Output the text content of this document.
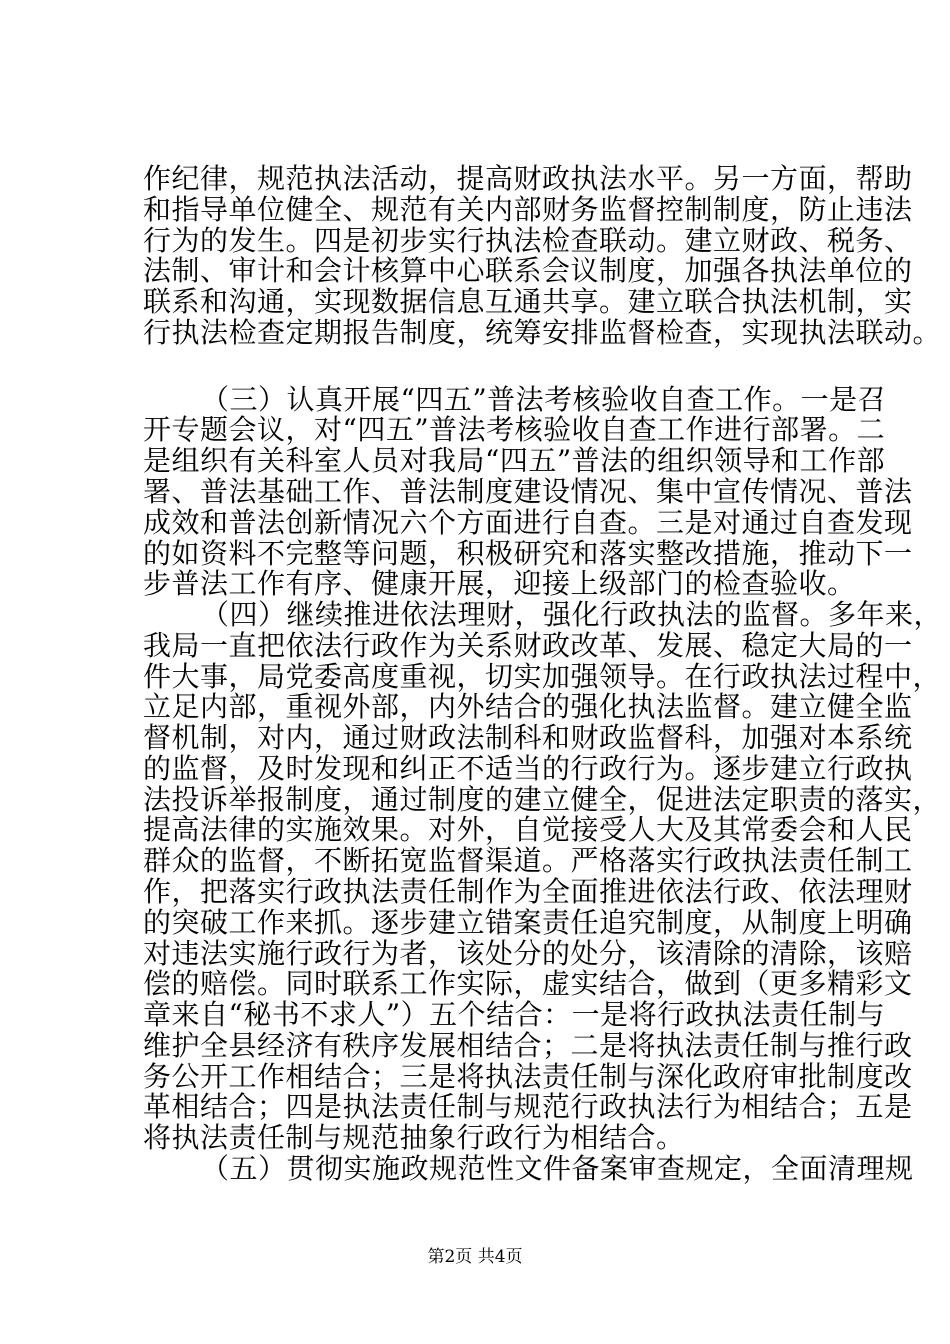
作纪律，规范执法活动，提高财政执法水平。另一方面，帮助
和指导单位健全、规范有关内部财务监督控制制度，防止违法
行为的发生。四是初步实行执法检查联动。建立财政、税务、
法制、审计和会计核算中心联系会议制度，加强各执法单位的
联系和沟通，实现数据信息互通共享。建立联合执法机制，实
行执法检查定期报告制度，统筹安排监督检查，实现执法联动。
（三）认真开展“四五”普法考核验收自查工作。一是召
开专题会议，对“四五”普法考核验收自查工作进行部署。二
是组织有关科室人员对我局“四五”普法的组织领导和工作部
署、普法基础工作、普法制度建设情况、集中宣传情况、普法
成效和普法创新情况六个方面进行自查。三是对通过自查发现
的如资料不完整等问题，积极研究和落实整改措施，推动下一
步普法工作有序、健康开展，迎接上级部门的检查验收。
（四）继续推进依法理财，强化行政执法的监督。多年来，
我局一直把依法行政作为关系财政改革、发展、稳定大局的一
件大事，局党委高度重视，切实加强领导。在行政执法过程中，
立足内部，重视外部，内外结合的强化执法监督。建立健全监
督机制，对内，通过财政法制科和财政监督科，加强对本系统
的监督，及时发现和纠正不适当的行政行为。逐步建立行政执
法投诉举报制度，通过制度的建立健全，促进法定职责的落实，
提高法律的实施效果。对外，自觉接受人大及其常委会和人民
群众的监督，不断拓宽监督渠道。严格落实行政执法责任制工
作，把落实行政执法责任制作为全面推进依法行政、依法理财
的突破工作来抓。逐步建立错案责任追究制度，从制度上明确
对违法实施行政行为者，该处分的处分，该清除的清除，该赔
偿的赔偿。同时联系工作实际，虚实结合，做到（更多精彩文
章来自“秘书不求人”）五个结合：一是将行政执法责任制与
维护全县经济有秩序发展相结合；二是将执法责任制与推行政
务公开工作相结合；三是将执法责任制与深化政府审批制度改
革相结合；四是执法责任制与规范行政执法行为相结合；五是
将执法责任制与规范抽象行政行为相结合。
（五）贯彻实施政规范性文件备案审查规定，全面清理规
第2页 共4页
